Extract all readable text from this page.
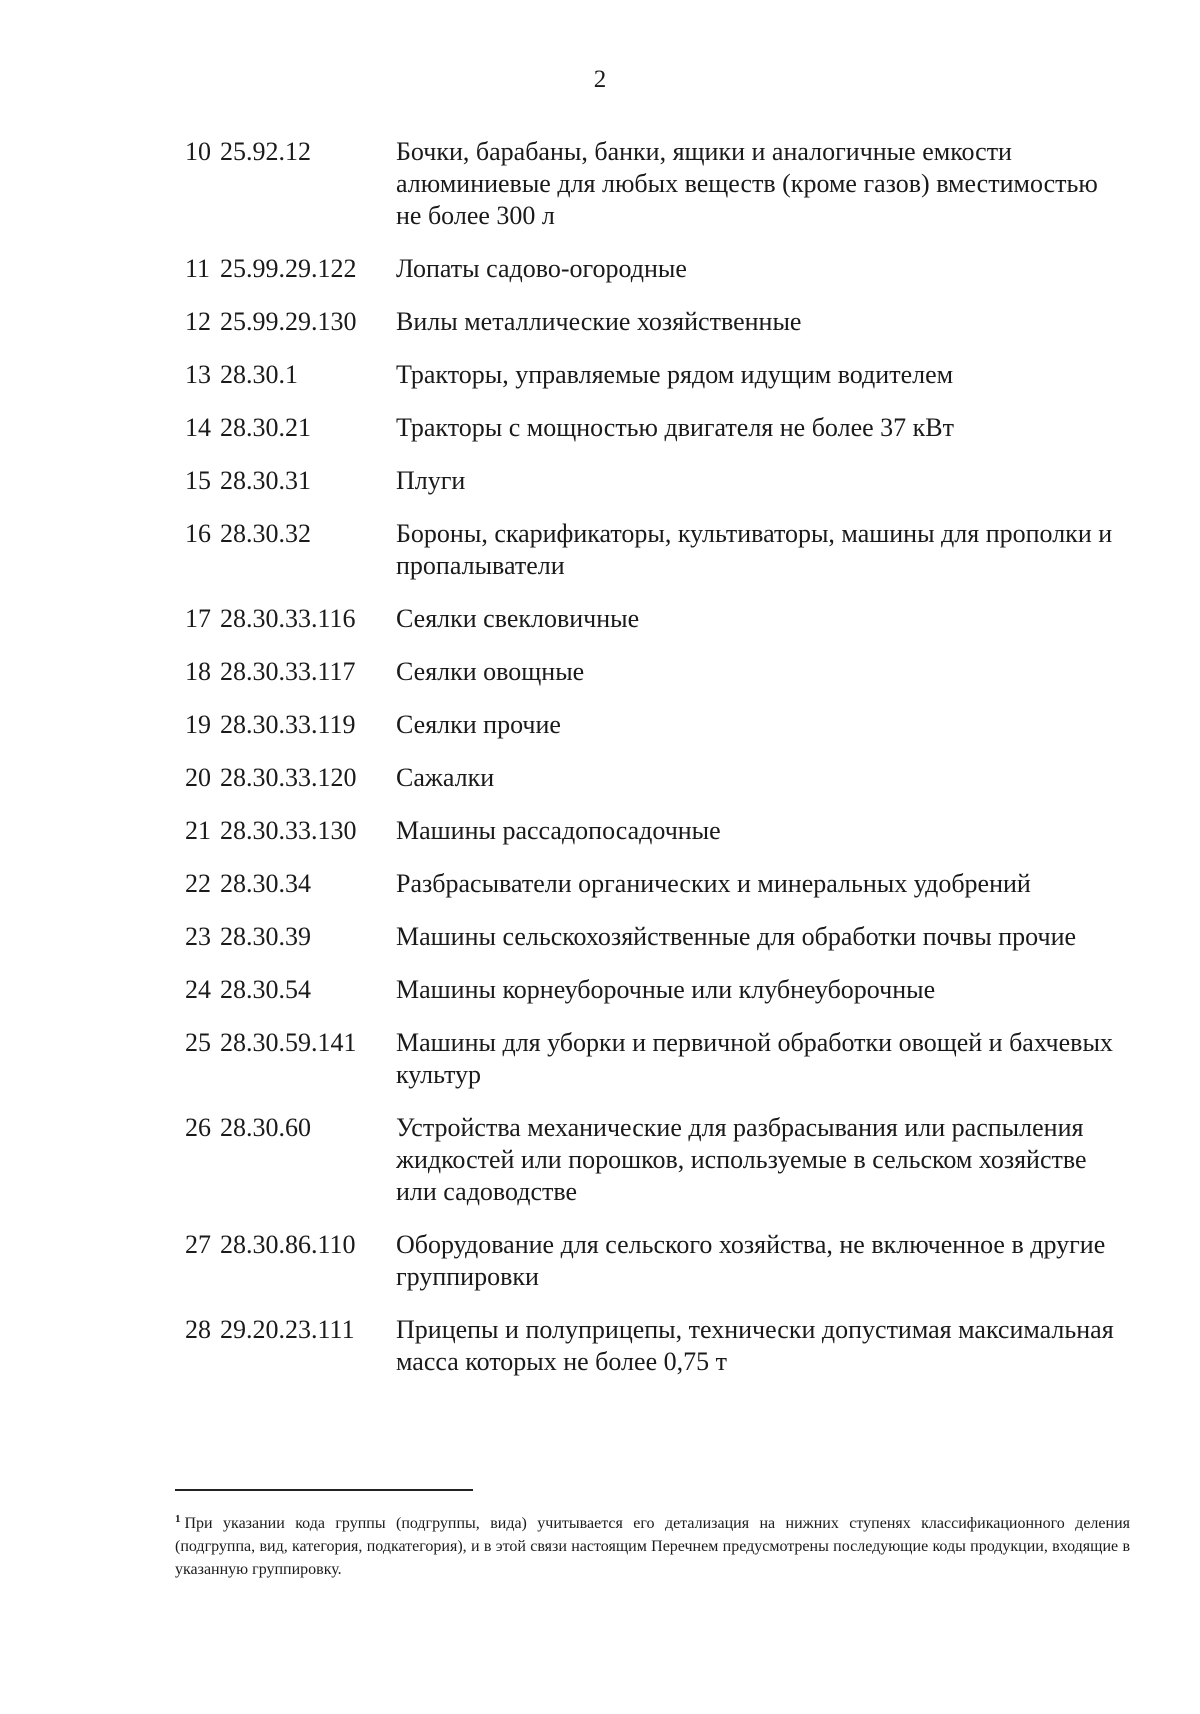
2
10 25.92.12	Бочки, барабаны, банки, ящики и аналогичные емкости алюминиевые для любых веществ (кроме газов) вместимостью не более 300 л
11 25.99.29.122	Лопаты садово-огородные
12 25.99.29.130	Вилы металлические хозяйственные
13 28.30.1	Тракторы, управляемые рядом идущим водителем
14 28.30.21	Тракторы с мощностью двигателя не более 37 кВт
15 28.30.31	Плуги
16 28.30.32	Бороны, скарификаторы, культиваторы, машины для прополки и пропалыватели
17 28.30.33.116	Сеялки свекловичные
18 28.30.33.117	Сеялки овощные
19 28.30.33.119	Сеялки прочие
20 28.30.33.120	Сажалки
21 28.30.33.130	Машины рассадопосадочные
22 28.30.34	Разбрасыватели органических и минеральных удобрений
23 28.30.39	Машины сельскохозяйственные для обработки почвы прочие
24 28.30.54	Машины корнеуборочные или клубнеуборочные
25 28.30.59.141	Машины для уборки и первичной обработки овощей и бахчевых культур
26 28.30.60	Устройства механические для разбрасывания или распыления жидкостей или порошков, используемые в сельском хозяйстве или садоводстве
27 28.30.86.110	Оборудование для сельского хозяйства, не включенное в другие группировки
28 29.20.23.111	Прицепы и полуприцепы, технически допустимая максимальная масса которых не более 0,75 т
$^1$ При указании кода группы (подгруппы, вида) учитывается его детализация на нижних ступенях классификационного деления (подгруппа, вид, категория, подкатегория), и в этой связи настоящим Перечнем предусмотрены последующие коды продукции, входящие в указанную группировку.
